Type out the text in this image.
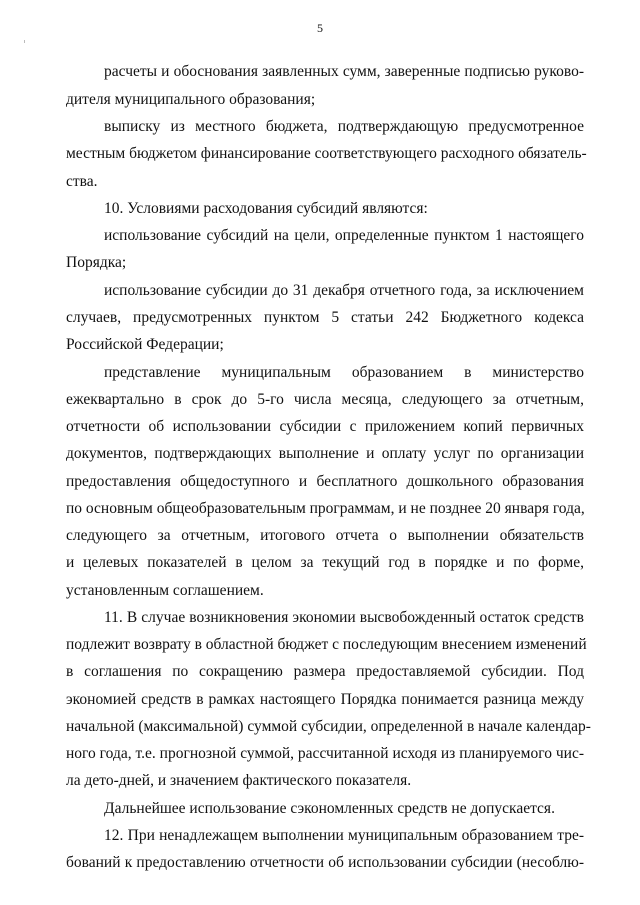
5
расчеты и обоснования заявленных сумм, заверенные подписью руково-
дителя муниципального образования;
выписку из местного бюджета, подтверждающую предусмотренное
местным бюджетом финансирование соответствующего расходного обязатель-
ства.
10. Условиями расходования субсидий являются:
использование субсидий на цели, определенные пунктом 1 настоящего
Порядка;
использование субсидии до 31 декабря отчетного года, за исключением
случаев, предусмотренных пунктом 5 статьи 242 Бюджетного кодекса
Российской Федерации;
представление муниципальным образованием в министерство
ежеквартально в срок до 5-го числа месяца, следующего за отчетным,
отчетности об использовании субсидии с приложением копий первичных
документов, подтверждающих выполнение и оплату услуг по организации
предоставления общедоступного и бесплатного дошкольного образования
по основным общеобразовательным программам, и не позднее 20 января года,
следующего за отчетным, итогового отчета о выполнении обязательств
и целевых показателей в целом за текущий год в порядке и по форме,
установленным соглашением.
11. В случае возникновения экономии высвобожденный остаток средств
подлежит возврату в областной бюджет с последующим внесением изменений
в соглашения по сокращению размера предоставляемой субсидии. Под
экономией средств в рамках настоящего Порядка понимается разница между
начальной (максимальной) суммой субсидии, определенной в начале календар-
ного года, т.е. прогнозной суммой, рассчитанной исходя из планируемого чис-
ла дето-дней, и значением фактического показателя.
Дальнейшее использование сэкономленных средств не допускается.
12. При ненадлежащем выполнении муниципальным образованием тре-
бований к предоставлению отчетности об использовании субсидии (несоблю-
